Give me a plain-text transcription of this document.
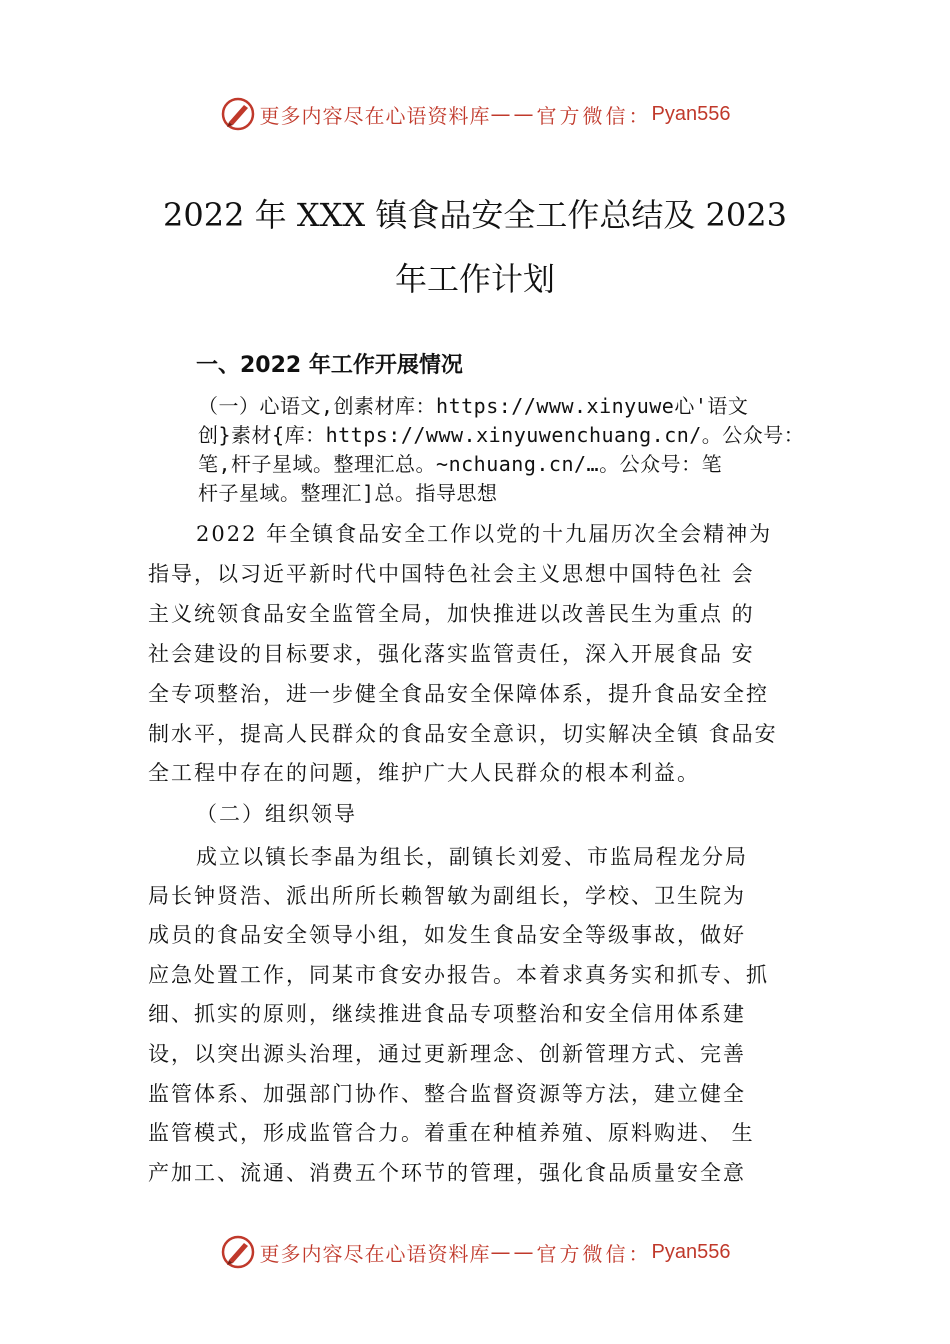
更多内容尽在心语资料库 —— 官方微信： Pyan556
2022 年 XXX 镇食品安全工作总结及 2023
年工作计划
一、2022 年工作开展情况
（一）心语文,创素材库：https://www.xinyuwe心'语文
创}素材{库：https://www.xinyuwenchuang.cn/。公众号：
笔,杆子星域。整理汇总。~nchuang.cn/…。公众号：笔
杆子星域。整理汇]总。指导思想
2022 年全镇食品安全工作以党的十九届历次全会精神为
指导，以习近平新时代中国特色社会主义思想中国特色社 会
主义统领食品安全监管全局，加快推进以改善民生为重点 的
社会建设的目标要求，强化落实监管责任，深入开展食品 安
全专项整治，进一步健全食品安全保障体系，提升食品安全控
制水平，提高人民群众的食品安全意识，切实解决全镇 食品安
全工程中存在的问题，维护广大人民群众的根本利益。
（二）组织领导
成立以镇长李晶为组长，副镇长刘爱、市监局程龙分局
局长钟贤浩、派出所所长赖智敏为副组长，学校、卫生院为
成员的食品安全领导小组，如发生食品安全等级事故，做好
应急处置工作，同某市食安办报告。本着求真务实和抓专、抓
细、抓实的原则，继续推进食品专项整治和安全信用体系建
设，以突出源头治理，通过更新理念、创新管理方式、完善
监管体系、加强部门协作、整合监督资源等方法，建立健全
监管模式，形成监管合力。着重在种植养殖、原料购进、 生
产加工、流通、消费五个环节的管理，强化食品质量安全意
更多内容尽在心语资料库 —— 官方微信： Pyan556
